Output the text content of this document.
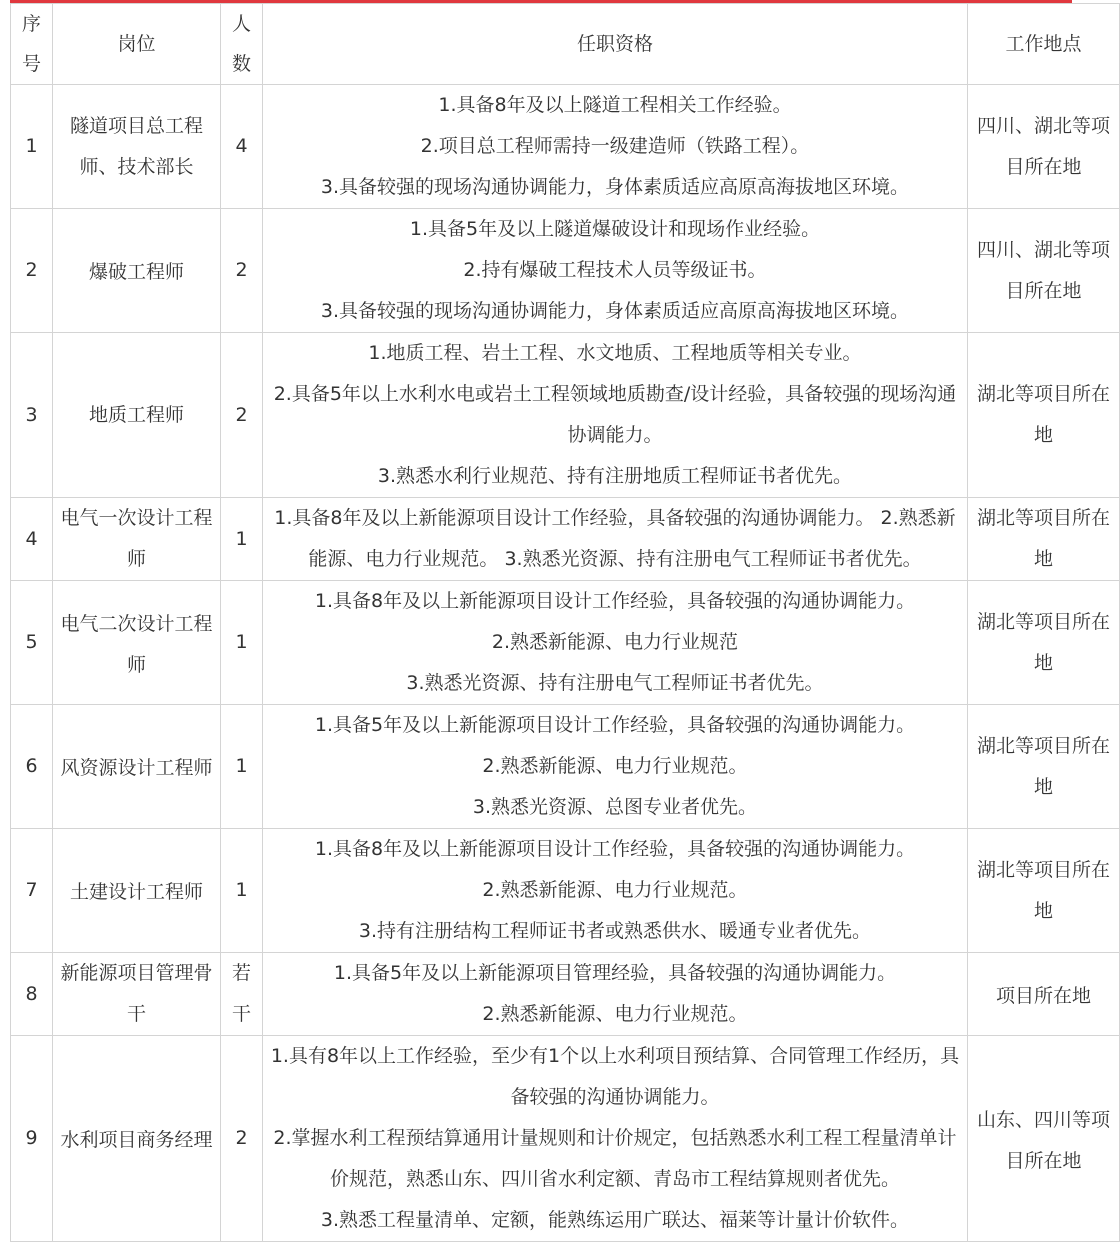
序号	岗位	人数	任职资格	工作地点
1	隧道项目总工程师、技术部长	4	1.具备8年及以上隧道工程相关工作经验。
2.项目总工程师需持一级建造师（铁路工程）。
3.具备较强的现场沟通协调能力，身体素质适应高原高海拔地区环境。	四川、湖北等项目所在地
2	爆破工程师	2	1.具备5年及以上隧道爆破设计和现场作业经验。
2.持有爆破工程技术人员等级证书。
3.具备较强的现场沟通协调能力，身体素质适应高原高海拔地区环境。	四川、湖北等项目所在地
3	地质工程师	2	1.地质工程、岩土工程、水文地质、工程地质等相关专业。
2.具备5年以上水利水电或岩土工程领域地质勘查/设计经验，具备较强的现场沟通协调能力。
3.熟悉水利行业规范、持有注册地质工程师证书者优先。	湖北等项目所在地
4	电气一次设计工程师	1	1.具备8年及以上新能源项目设计工作经验，具备较强的沟通协调能力。 2.熟悉新能源、电力行业规范。 3.熟悉光资源、持有注册电气工程师证书者优先。	湖北等项目所在地
5	电气二次设计工程师	1	1.具备8年及以上新能源项目设计工作经验，具备较强的沟通协调能力。
2.熟悉新能源、电力行业规范
3.熟悉光资源、持有注册电气工程师证书者优先。	湖北等项目所在地
6	风资源设计工程师	1	1.具备5年及以上新能源项目设计工作经验，具备较强的沟通协调能力。
2.熟悉新能源、电力行业规范。
3.熟悉光资源、总图专业者优先。	湖北等项目所在地
7	土建设计工程师	1	1.具备8年及以上新能源项目设计工作经验，具备较强的沟通协调能力。
2.熟悉新能源、电力行业规范。
3.持有注册结构工程师证书者或熟悉供水、暖通专业者优先。	湖北等项目所在地
8	新能源项目管理骨干	若干	1.具备5年及以上新能源项目管理经验，具备较强的沟通协调能力。
2.熟悉新能源、电力行业规范。	项目所在地
9	水利项目商务经理	2	1.具有8年以上工作经验，至少有1个以上水利项目预结算、合同管理工作经历，具备较强的沟通协调能力。
2.掌握水利工程预结算通用计量规则和计价规定，包括熟悉水利工程工程量清单计价规范，熟悉山东、四川省水利定额、青岛市工程结算规则者优先。
3.熟悉工程量清单、定额，能熟练运用广联达、福莱等计量计价软件。	山东、四川等项目所在地
